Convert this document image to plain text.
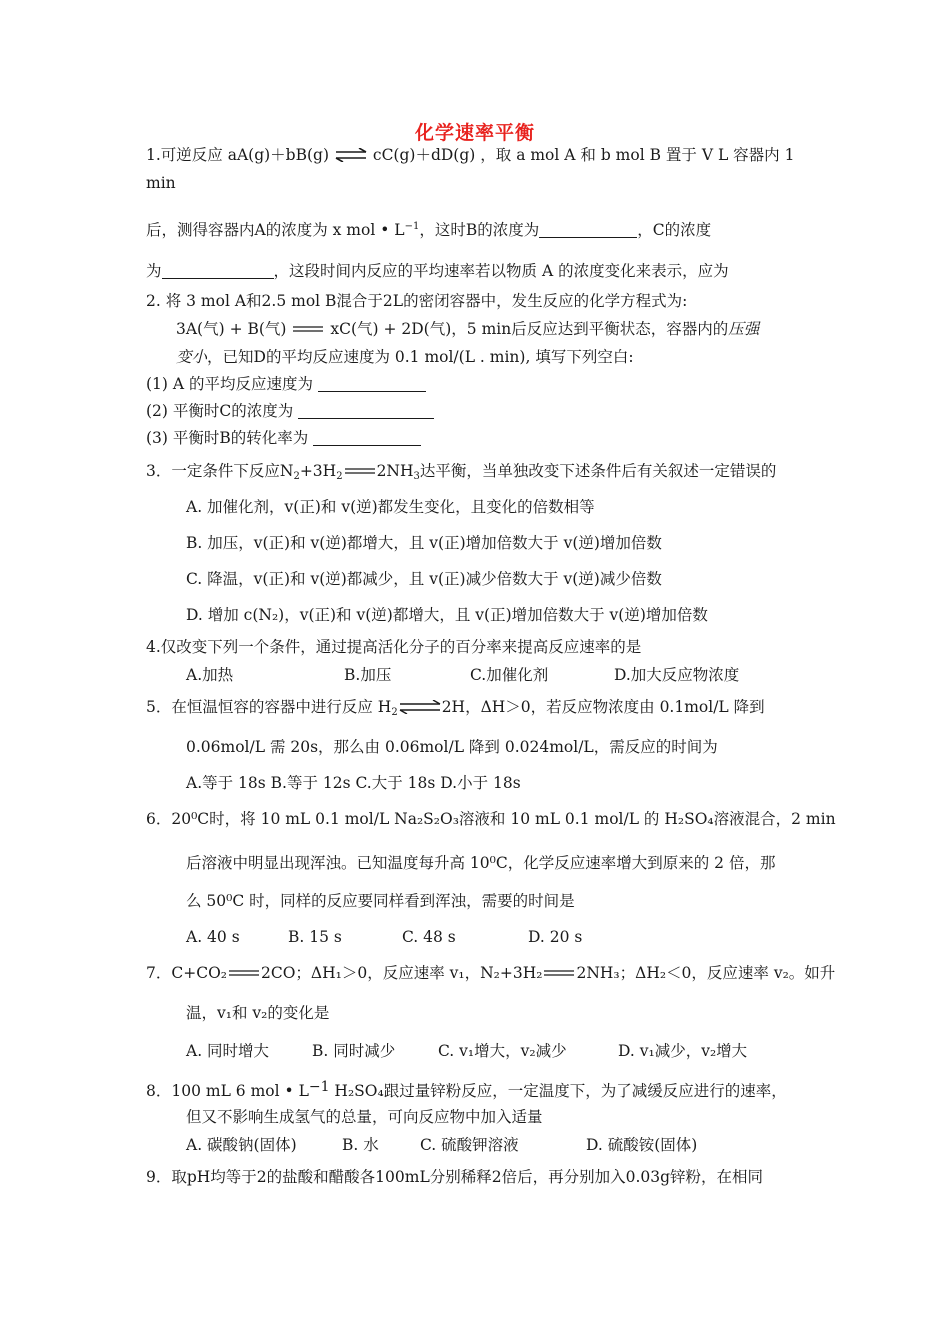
化学速率平衡
1.可逆反应 aA(g)＋bB(g) ⇌ cC(g)＋dD(g) ，取 a mol A 和 b mol B 置于 V L 容器内 1
min
后，测得容器内A的浓度为 x mol • $L^{-1}$，这时B的浓度为	，C的浓度
为	，这段时间内反应的平均速率若以物质 A 的浓度变化来表示，应为
2. 将 3 mol A和2.5 mol B混合于2L的密闭容器中，发生反应的化学方程式为:
3A(气) + B(气)	xC(气) + 2D(气)，5 min后反应达到平衡状态，容器内的压强
变小，已知D的平均反应速度为 0.1 mol/(L . min), 填写下列空白:
(1) A 的平均反应速度为
(2) 平衡时C的浓度为
(3) 平衡时B的转化率为
3．一定条件下反应$N_2+3H_2$ $2NH_3$达平衡，当单独改变下述条件后有关叙述一定错误的
A. 加催化剂，v(正)和 v(逆)都发生变化，且变化的倍数相等
B. 加压，v(正)和 v(逆)都增大，且 v(正)增加倍数大于 v(逆)增加倍数
C. 降温，v(正)和 v(逆)都减少，且 v(正)减少倍数大于 v(逆)减少倍数
D. 增加 c(N₂)，v(正)和 v(逆)都增大，且 v(正)增加倍数大于 v(逆)增加倍数
4.仅改变下列一个条件，通过提高活化分子的百分率来提高反应速率的是
A.加热	B.加压	C.加催化剂	D.加大反应物浓度
5．在恒温恒容的容器中进行反应 $H_2\rightleftharpoons 2H$，ΔH＞0，若反应物浓度由 0.1mol/L 降到
0.06mol/L 需 20s，那么由 0.06mol/L 降到 0.024mol/L，需反应的时间为
A.等于 18s B.等于 12s C.大于 18s D.小于 18s
6．20⁰C时，将 10 mL 0.1 mol/L Na₂S₂O₃溶液和 10 mL 0.1 mol/L 的 H₂SO₄溶液混合，2 min
后溶液中明显出现浑浊。已知温度每升高 10⁰C，化学反应速率增大到原来的 2 倍，那
么 50⁰C 时，同样的反应要同样看到浑浊，需要的时间是
A. 40 s	B. 15 s	C. 48 s	D. 20 s
7．C+CO₂ 2CO；ΔH₁＞0，反应速率 v₁，N₂+3H₂ 2NH₃；ΔH₂＜0，反应速率 v₂。如升
温，v₁和 v₂的变化是
A. 同时增大	B. 同时减少	C. v₁增大，v₂减少	D. v₁减少，v₂增大
8．100 mL 6 mol • $L^{-1}$ H₂SO₄跟过量锌粉反应，一定温度下，为了减缓反应进行的速率，
但又不影响生成氢气的总量，可向反应物中加入适量
A. 碳酸钠(固体)	B. 水	C. 硫酸钾溶液	D. 硫酸铵(固体)
9．取pH均等于2的盐酸和醋酸各100mL分别稀释2倍后，再分别加入0.03g锌粉，在相同
